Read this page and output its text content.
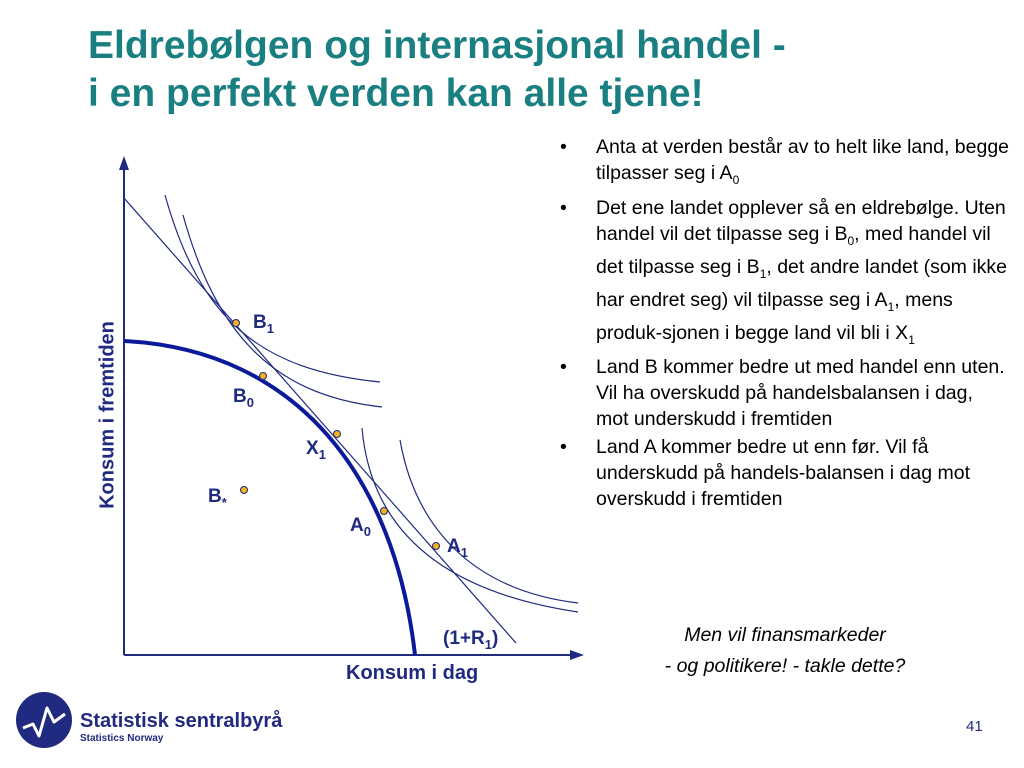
Eldrebølgen og internasjonal handel -
i en perfekt verden kan alle tjene!
Konsum i fremtiden
Konsum i dag
$B_1$
$B_0$
$X_1$
$B_*$
$A_0$
$A_1$
$(1+R_1)$
• Anta at verden består av to helt like land, begge tilpasser seg i $A_0$
• Det ene landet opplever så en eldrebølge. Uten handel vil det tilpasse seg i $B_0$, med handel vil det tilpasse seg i $B_1$, det andre landet (som ikke har endret seg) vil tilpasse seg i $A_1$, mens produk-sjonen i begge land vil bli i $X_1$
• Land B kommer bedre ut med handel enn uten. Vil ha overskudd på handelsbalansen i dag, mot underskudd i fremtiden
• Land A kommer bedre ut enn før. Vil få underskudd på handels-balansen i dag mot overskudd i fremtiden
Men vil finansmarkeder
- og politikere! - takle dette?
Statistisk sentralbyrå
Statistics Norway
41
